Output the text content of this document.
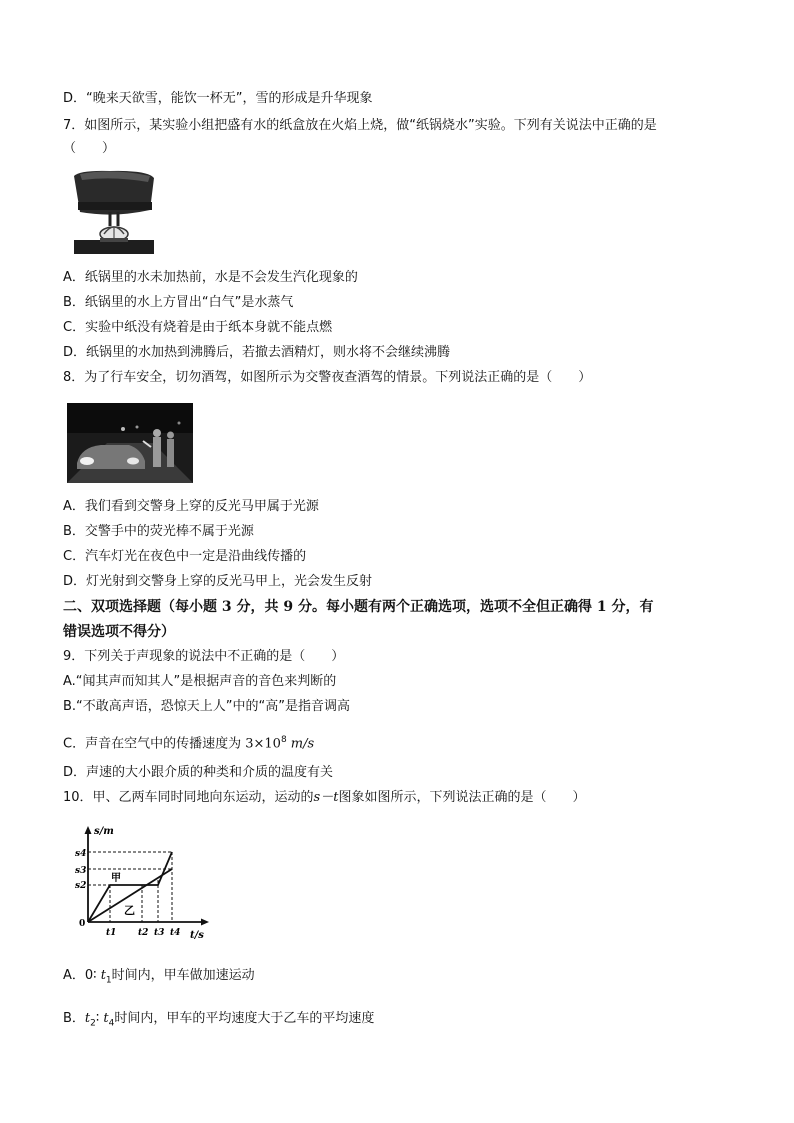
D．“晚来天欲雪，能饮一杯无”，雪的形成是升华现象
7．如图所示，某实验小组把盛有水的纸盒放在火焰上烧，做“纸锅烧水”实验。下列有关说法中正确的是
（　　）
A．纸锅里的水未加热前，水是不会发生汽化现象的
B．纸锅里的水上方冒出“白气”是水蒸气
C．实验中纸没有烧着是由于纸本身就不能点燃
D．纸锅里的水加热到沸腾后，若撤去酒精灯，则水将不会继续沸腾
8．为了行车安全，切勿酒驾，如图所示为交警夜查酒驾的情景。下列说法正确的是（　　）
A．我们看到交警身上穿的反光马甲属于光源
B．交警手中的荧光棒不属于光源
C．汽车灯光在夜色中一定是沿曲线传播的
D．灯光射到交警身上穿的反光马甲上，光会发生反射
二、双项选择题（每小题 3 分，共 9 分。每小题有两个正确选项，选项不全但正确得 1 分，有
错误选项不得分）
9．下列关于声现象的说法中不正确的是（　　）
A.“闻其声而知其人”是根据声音的音色来判断的
B.“不敢高声语，恐惊天上人”中的“高”是指音调高
C．声音在空气中的传播速度为 $3\times 10^8$ m/s
D．声速的大小跟介质的种类和介质的温度有关
10．甲、乙两车同时同地向东运动，运动的s－t图象如图所示，下列说法正确的是（　　）
s/m
t/s
0
s4
s3
s2
t1 t2 t3 t4
甲
乙
A．0∶ $t_1$时间内，甲车做加速运动
B．$t_2∶$ $t_4$时间内，甲车的平均速度大于乙车的平均速度
